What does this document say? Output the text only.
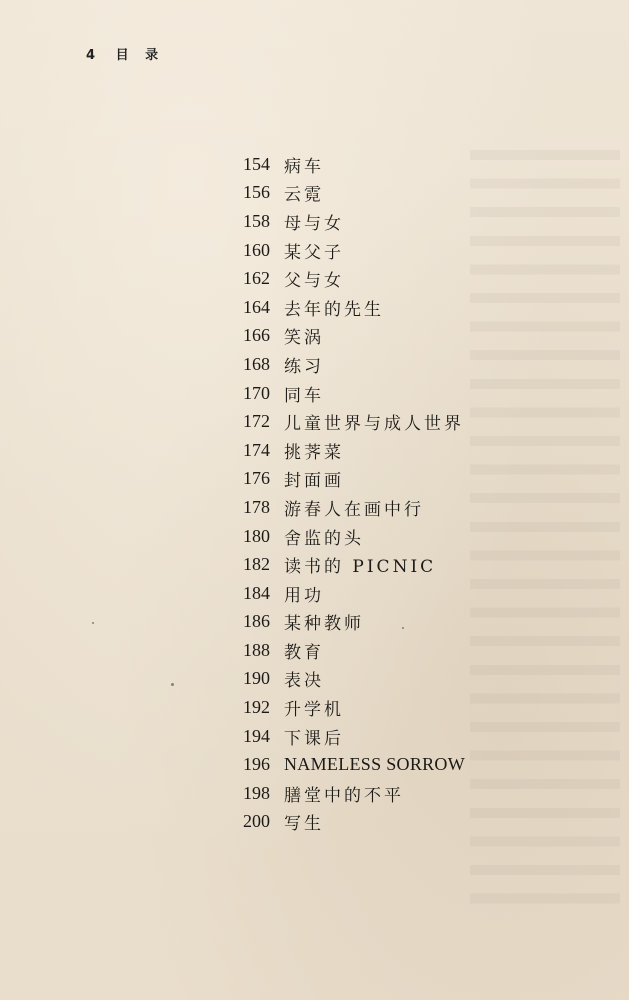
4 目 录
154 病车
156 云霓
158 母与女
160 某父子
162 父与女
164 去年的先生
166 笑涡
168 练习
170 同车
172 儿童世界与成人世界
174 挑荠菜
176 封面画
178 游春人在画中行
180 舍监的头
182 读书的 PICNIC
184 用功
186 某种教师
188 教育
190 表决
192 升学机
194 下课后
196 NAMELESS SORROW
198 膳堂中的不平
200 写生
